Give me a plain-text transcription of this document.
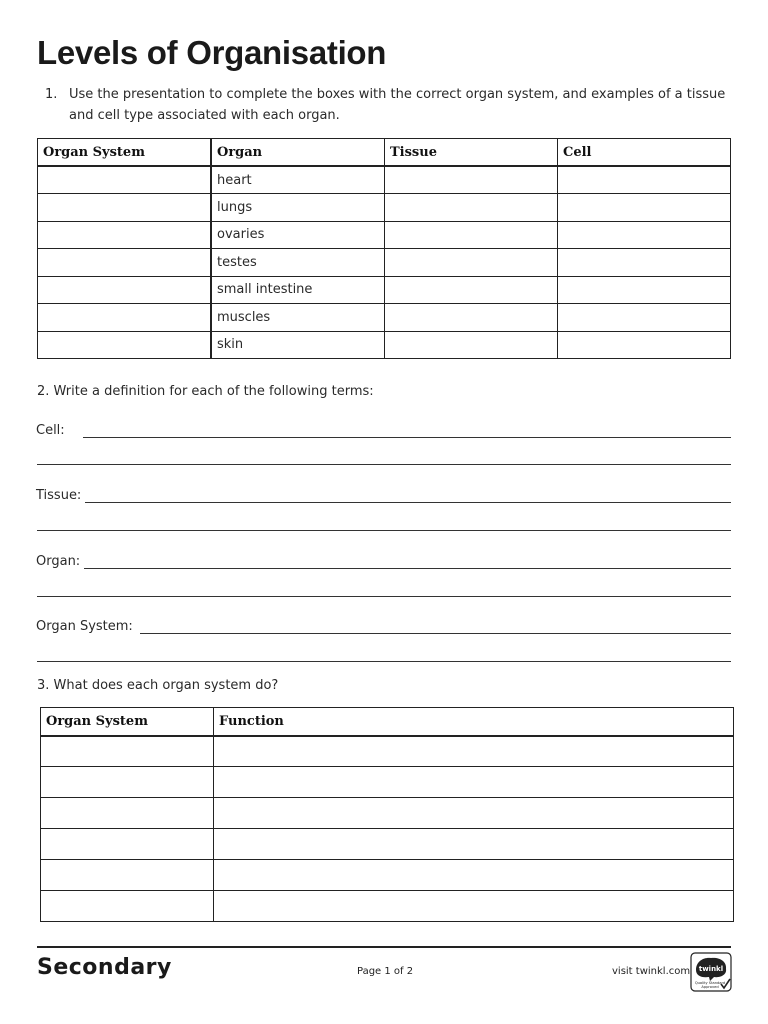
Levels of Organisation
1. Use the presentation to complete the boxes with the correct organ system, and examples of a tissue and cell type associated with each organ.
Organ System	Organ	Tissue	Cell
	heart		
	lungs		
	ovaries		
	testes		
	small intestine		
	muscles		
	skin		
2. Write a definition for each of the following terms:
Cell:
Tissue:
Organ:
Organ System:
3. What does each organ system do?
Organ System	Function

Secondary	Page 1 of 2	visit twinkl.com twinkl
Quality Standard
Approved
